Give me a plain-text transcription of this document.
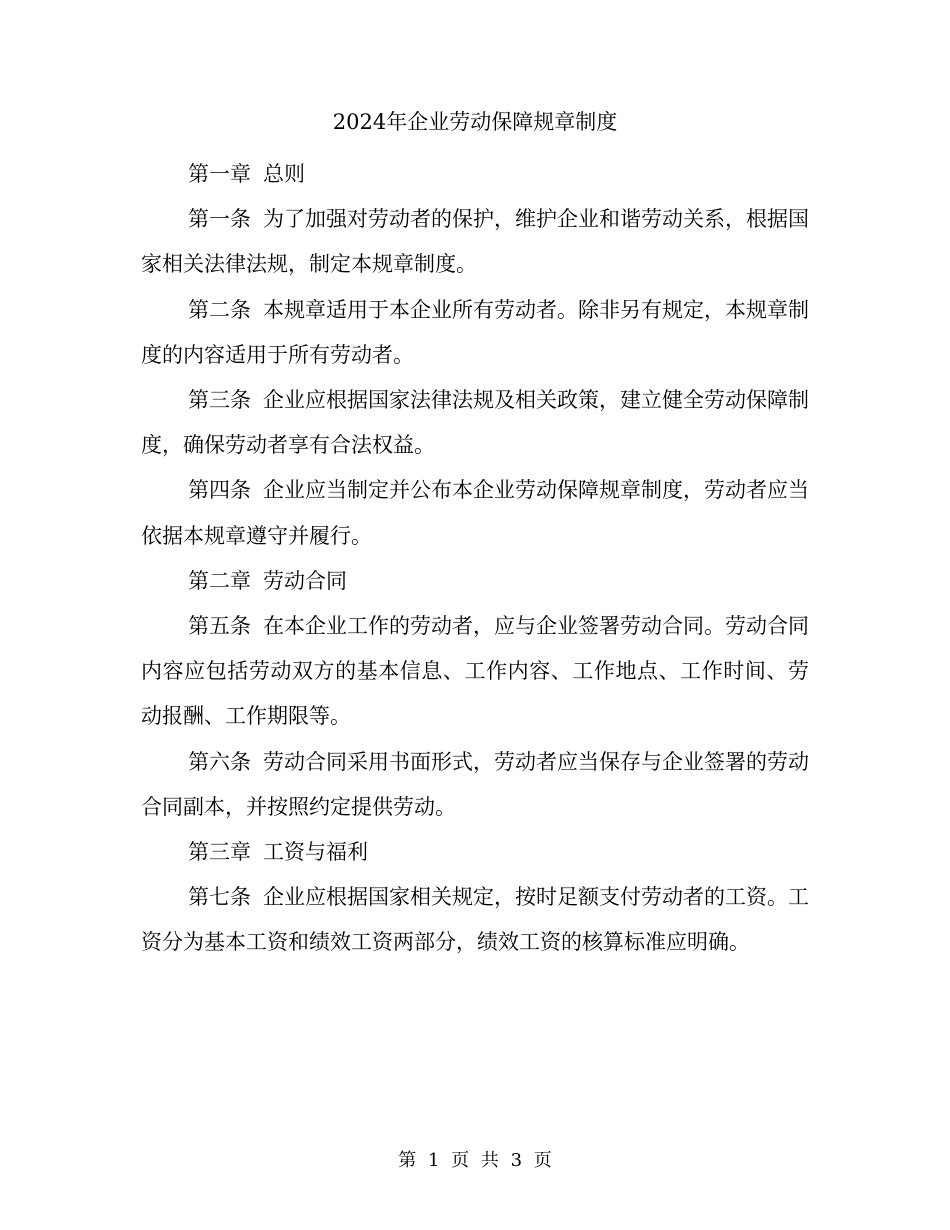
2024年企业劳动保障规章制度

第一章 总则

第一条 为了加强对劳动者的保护，维护企业和谐劳动关系，根据国家相关法律法规，制定本规章制度。

第二条 本规章适用于本企业所有劳动者。除非另有规定，本规章制度的内容适用于所有劳动者。

第三条 企业应根据国家法律法规及相关政策，建立健全劳动保障制度，确保劳动者享有合法权益。

第四条 企业应当制定并公布本企业劳动保障规章制度，劳动者应当依据本规章遵守并履行。

第二章 劳动合同

第五条 在本企业工作的劳动者，应与企业签署劳动合同。劳动合同内容应包括劳动双方的基本信息、工作内容、工作地点、工作时间、劳动报酬、工作期限等。

第六条 劳动合同采用书面形式，劳动者应当保存与企业签署的劳动合同副本，并按照约定提供劳动。

第三章 工资与福利

第七条 企业应根据国家相关规定，按时足额支付劳动者的工资。工资分为基本工资和绩效工资两部分，绩效工资的核算标准应明确。

第 1 页 共 3 页
